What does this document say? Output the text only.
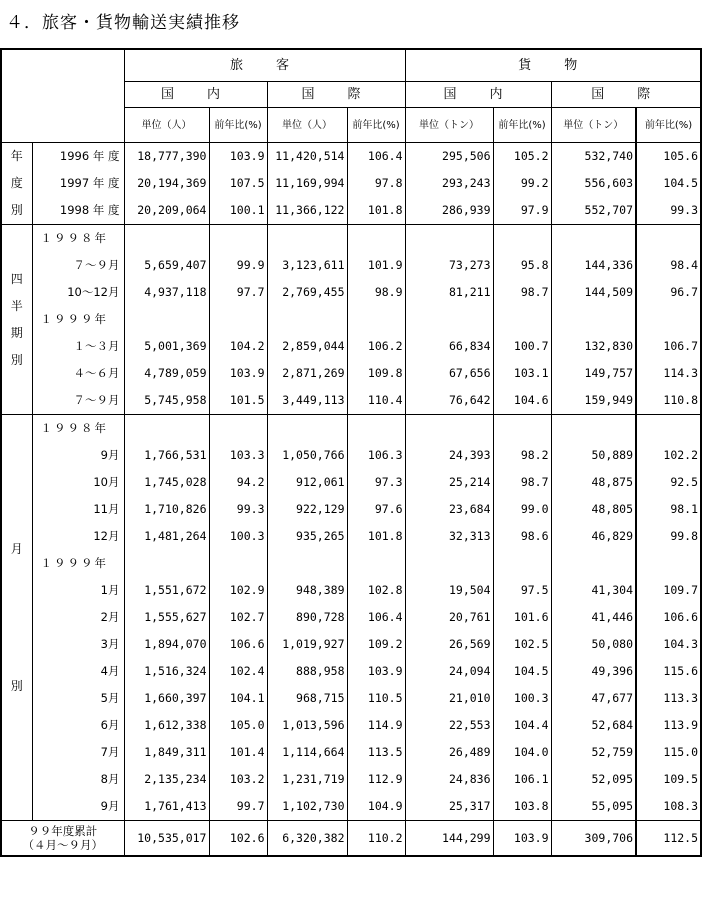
４．旅客・貨物輸送実績推移
		旅　客				貨　物			
		国　内		国　際		国　内		国　際	
		単位（人）	前年比(%)	単位（人）	前年比(%)	単位（トン）	前年比(%)	単位（トン）	前年比(%)

年
度
別	1996 年 度	18,777,390	103.9	11,420,514	106.4	295,506	105.2	532,740	105.6
	1997 年 度	20,194,369	107.5	11,169,994	97.8	293,243	99.2	556,603	104.5
	1998 年 度	20,209,064	100.1	11,366,122	101.8	286,939	97.9	552,707	99.3

四
半
期
別	１９９８年								
	７～９月	5,659,407	99.9	3,123,611	101.9	73,273	95.8	144,336	98.4
	10～12月	4,937,118	97.7	2,769,455	98.9	81,211	98.7	144,509	96.7
	１９９９年								
	１～３月	5,001,369	104.2	2,859,044	106.2	66,834	100.7	132,830	106.7
	４～６月	4,789,059	103.9	2,871,269	109.8	67,656	103.1	149,757	114.3
	７～９月	5,745,958	101.5	3,449,113	110.4	76,642	104.6	159,949	110.8

月
別	１９９８年								
	9月	1,766,531	103.3	1,050,766	106.3	24,393	98.2	50,889	102.2
	10月	1,745,028	94.2	912,061	97.3	25,214	98.7	48,875	92.5
	11月	1,710,826	99.3	922,129	97.6	23,684	99.0	48,805	98.1
	12月	1,481,264	100.3	935,265	101.8	32,313	98.6	46,829	99.8
	１９９９年								
	1月	1,551,672	102.9	948,389	102.8	19,504	97.5	41,304	109.7
	2月	1,555,627	102.7	890,728	106.4	20,761	101.6	41,446	106.6
	3月	1,894,070	106.6	1,019,927	109.2	26,569	102.5	50,080	104.3
	4月	1,516,324	102.4	888,958	103.9	24,094	104.5	49,396	115.6
	5月	1,660,397	104.1	968,715	110.5	21,010	100.3	47,677	113.3
	6月	1,612,338	105.0	1,013,596	114.9	22,553	104.4	52,684	113.9
	7月	1,849,311	101.4	1,114,664	113.5	26,489	104.0	52,759	115.0
	8月	2,135,234	103.2	1,231,719	112.9	24,836	106.1	52,095	109.5
	9月	1,761,413	99.7	1,102,730	104.9	25,317	103.8	55,095	108.3

９９年度累計
（４月～９月）		10,535,017	102.6	6,320,382	110.2	144,299	103.9	309,706	112.5
